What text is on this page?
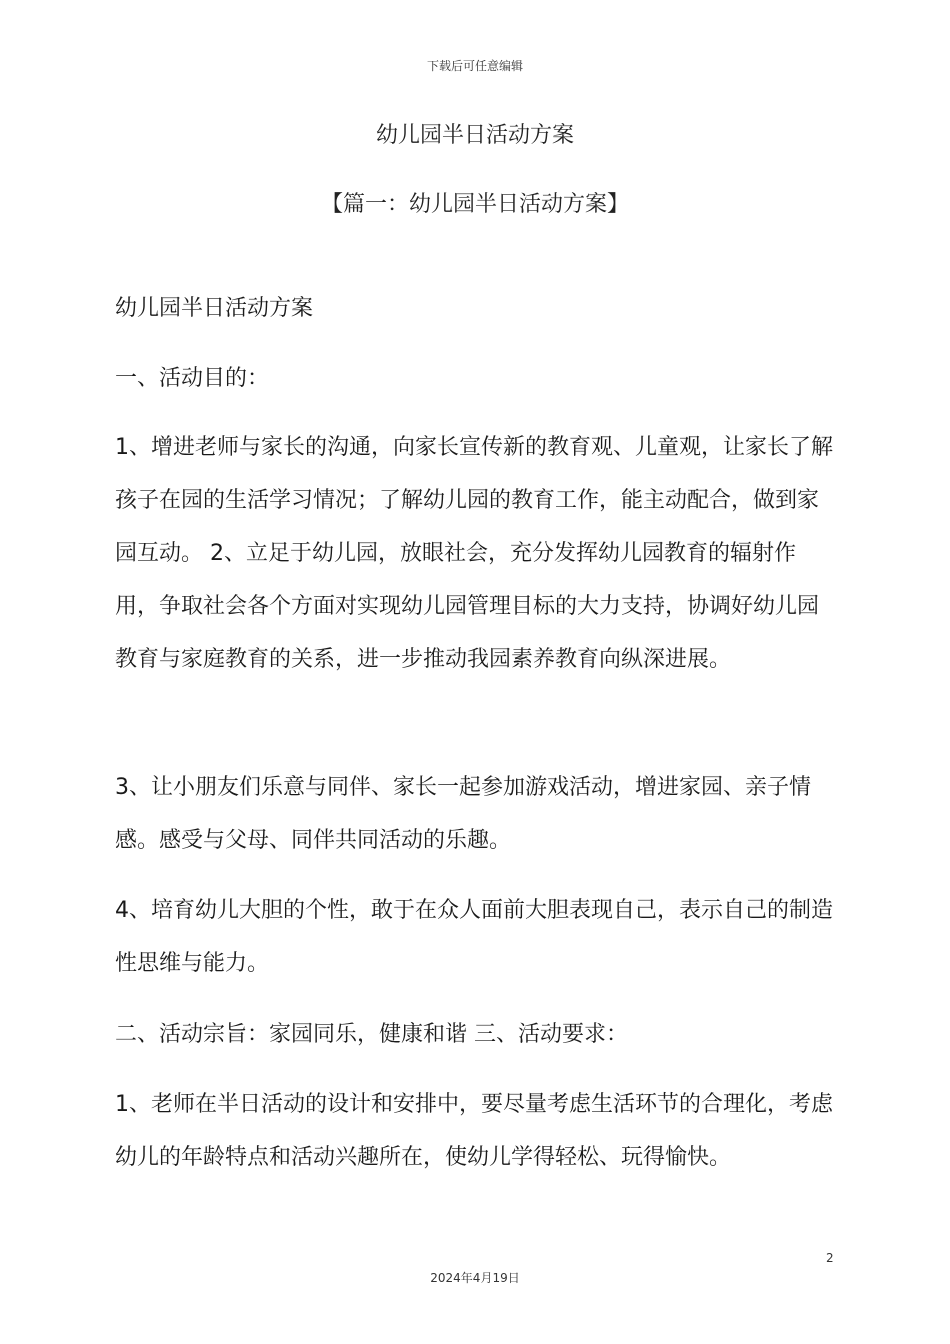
下载后可任意编辑
幼儿园半日活动方案
【篇一：幼儿园半日活动方案】
幼儿园半日活动方案
一、活动目的：
1、增进老师与家长的沟通，向家长宣传新的教育观、儿童观，让家长了解孩子在园的生活学习情况；了解幼儿园的教育工作，能主动配合，做到家园互动。 2、立足于幼儿园，放眼社会，充分发挥幼儿园教育的辐射作用，争取社会各个方面对实现幼儿园管理目标的大力支持，协调好幼儿园教育与家庭教育的关系，进一步推动我园素养教育向纵深进展。
3、让小朋友们乐意与同伴、家长一起参加游戏活动，增进家园、亲子情感。感受与父母、同伴共同活动的乐趣。
4、培育幼儿大胆的个性，敢于在众人面前大胆表现自己，表示自己的制造性思维与能力。
二、活动宗旨：家园同乐，健康和谐 三、活动要求：
1、老师在半日活动的设计和安排中，要尽量考虑生活环节的合理化，考虑幼儿的年龄特点和活动兴趣所在，使幼儿学得轻松、玩得愉快。
2
2024年4月19日
